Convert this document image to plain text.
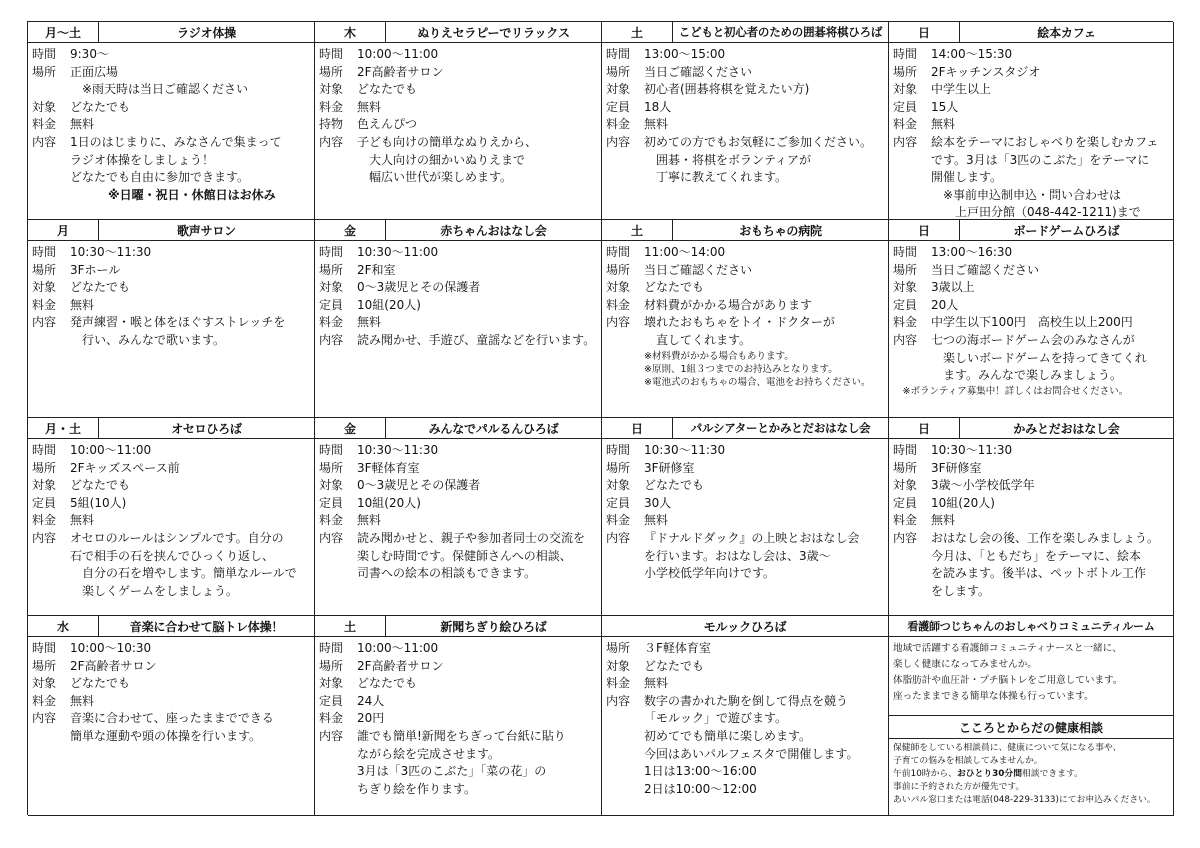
月〜土	ラジオ体操
時間	9:30〜
場所	正面広場
　※雨天時は当日ご確認ください
対象	どなたでも
料金	無料
内容	1日のはじまりに、みなさんで集まって
ラジオ体操をしましょう！
どなたでも自由に参加できます。
※日曜・祝日・休館日はお休み
木	ぬりえセラピーでリラックス
時間	10:00〜11:00
場所	2F高齢者サロン
対象	どなたでも
料金	無料
持物	色えんぴつ
内容	子ども向けの簡単なぬりえから、
　大人向けの細かいぬりえまで
　幅広い世代が楽しめます。
土	こどもと初心者のための囲碁将棋ひろば
時間	13:00〜15:00
場所	当日ご確認ください
対象	初心者(囲碁将棋を覚えたい方)
定員	18人
料金	無料
内容	初めての方でもお気軽にご参加ください。
　囲碁・将棋をボランティアが
　丁寧に教えてくれます。
日	絵本カフェ
時間	14:00〜15:30
場所	2Fキッチンスタジオ
対象	中学生以上
定員	15人
料金	無料
内容	絵本をテーマにおしゃべりを楽しむカフェ
です。3月は「3匹のこぶた」をテーマに
開催します。
　※事前申込制申込・問い合わせは
　　上戸田分館（048-442-1211)まで
月	歌声サロン
時間	10:30〜11:30
場所	3Fホール
対象	どなたでも
料金	無料
内容	発声練習・喉と体をほぐすストレッチを
　行い、みんなで歌います。
金	赤ちゃんおはなし会
時間	10:30〜11:00
場所	2F和室
対象	0〜3歳児とその保護者
定員	10組(20人)
料金	無料
内容	読み聞かせ、手遊び、童謡などを行います。
土	おもちゃの病院
時間	11:00〜14:00
場所	当日ご確認ください
対象	どなたでも
料金	材料費がかかる場合があります
内容	壊れたおもちゃをトイ・ドクターが
　直してくれます。
※材料費がかかる場合もあります。
※原則、1組３つまでのお持込みとなります。
※電池式のおもちゃの場合、電池をお持ちください。
日	ボードゲームひろば
時間	13:00〜16:30
場所	当日ご確認ください
対象	3歳以上
定員	20人
料金	中学生以下100円　高校生以上200円
内容	七つの海ボードゲーム会のみなさんが
　楽しいボードゲームを持ってきてくれ
　ます。みんなで楽しみましょう。
　※ボランティア募集中！詳しくはお問合せください。
月・土	オセロひろば
時間	10:00〜11:00
場所	2Fキッズスペース前
対象	どなたでも
定員	5組(10人)
料金	無料
内容	オセロのルールはシンプルです。自分の
石で相手の石を挟んでひっくり返し、
　自分の石を増やします。簡単なルールで
　楽しくゲームをしましょう。
金	みんなでパルるんひろば
時間	10:30〜11:30
場所	3F軽体育室
対象	0〜3歳児とその保護者
定員	10組(20人)
料金	無料
内容	読み聞かせと、親子や参加者同士の交流を
楽しむ時間です。保健師さんへの相談、
司書への絵本の相談もできます。
日	パルシアターとかみとだおはなし会
時間	10:30〜11:30
場所	3F研修室
対象	どなたでも
定員	30人
料金	無料
内容	『ドナルドダック』の上映とおはなし会
を行います。おはなし会は、3歳〜
小学校低学年向けです。
日	かみとだおはなし会
時間	10:30〜11:30
場所	3F研修室
対象	3歳〜小学校低学年
定員	10組(20人)
料金	無料
内容	おはなし会の後、工作を楽しみましょう。
今月は、「ともだち」をテーマに、絵本
を読みます。後半は、ペットボトル工作
をします。
水	音楽に合わせて脳トレ体操！
時間	10:00〜10:30
場所	2F高齢者サロン
対象	どなたでも
料金	無料
内容	音楽に合わせて、座ったままでできる
簡単な運動や頭の体操を行います。
土	新聞ちぎり絵ひろば
時間	10:00〜11:00
場所	2F高齢者サロン
対象	どなたでも
定員	24人
料金	20円
内容	誰でも簡単!新聞をちぎって台紙に貼り
ながら絵を完成させます。
3月は「3匹のこぶた」「菜の花」の
ちぎり絵を作ります。
モルックひろば
場所	３F軽体育室
対象	どなたでも
料金	無料
内容	数字の書かれた駒を倒して得点を競う
「モルック」で遊びます。
初めてでも簡単に楽しめます。
今回はあいパルフェスタで開催します。
1日は13:00〜16:00
2日は10:00〜12:00
看護師つじちゃんのおしゃべりコミュニティルーム
地域で活躍する看護師コミュニティナースと一緒に、
楽しく健康になってみませんか。
体脂肪計や血圧計・プチ脳トレをご用意しています。
座ったままできる簡単な体操も行っています。
こころとからだの健康相談
保健師をしている相談員に、健康について気になる事や、
子育ての悩みを相談してみませんか。
午前10時から、おひとり30分間相談できます。
事前に予約された方が優先です。
あいパル窓口または電話(048-229-3133)にてお申込みください。
